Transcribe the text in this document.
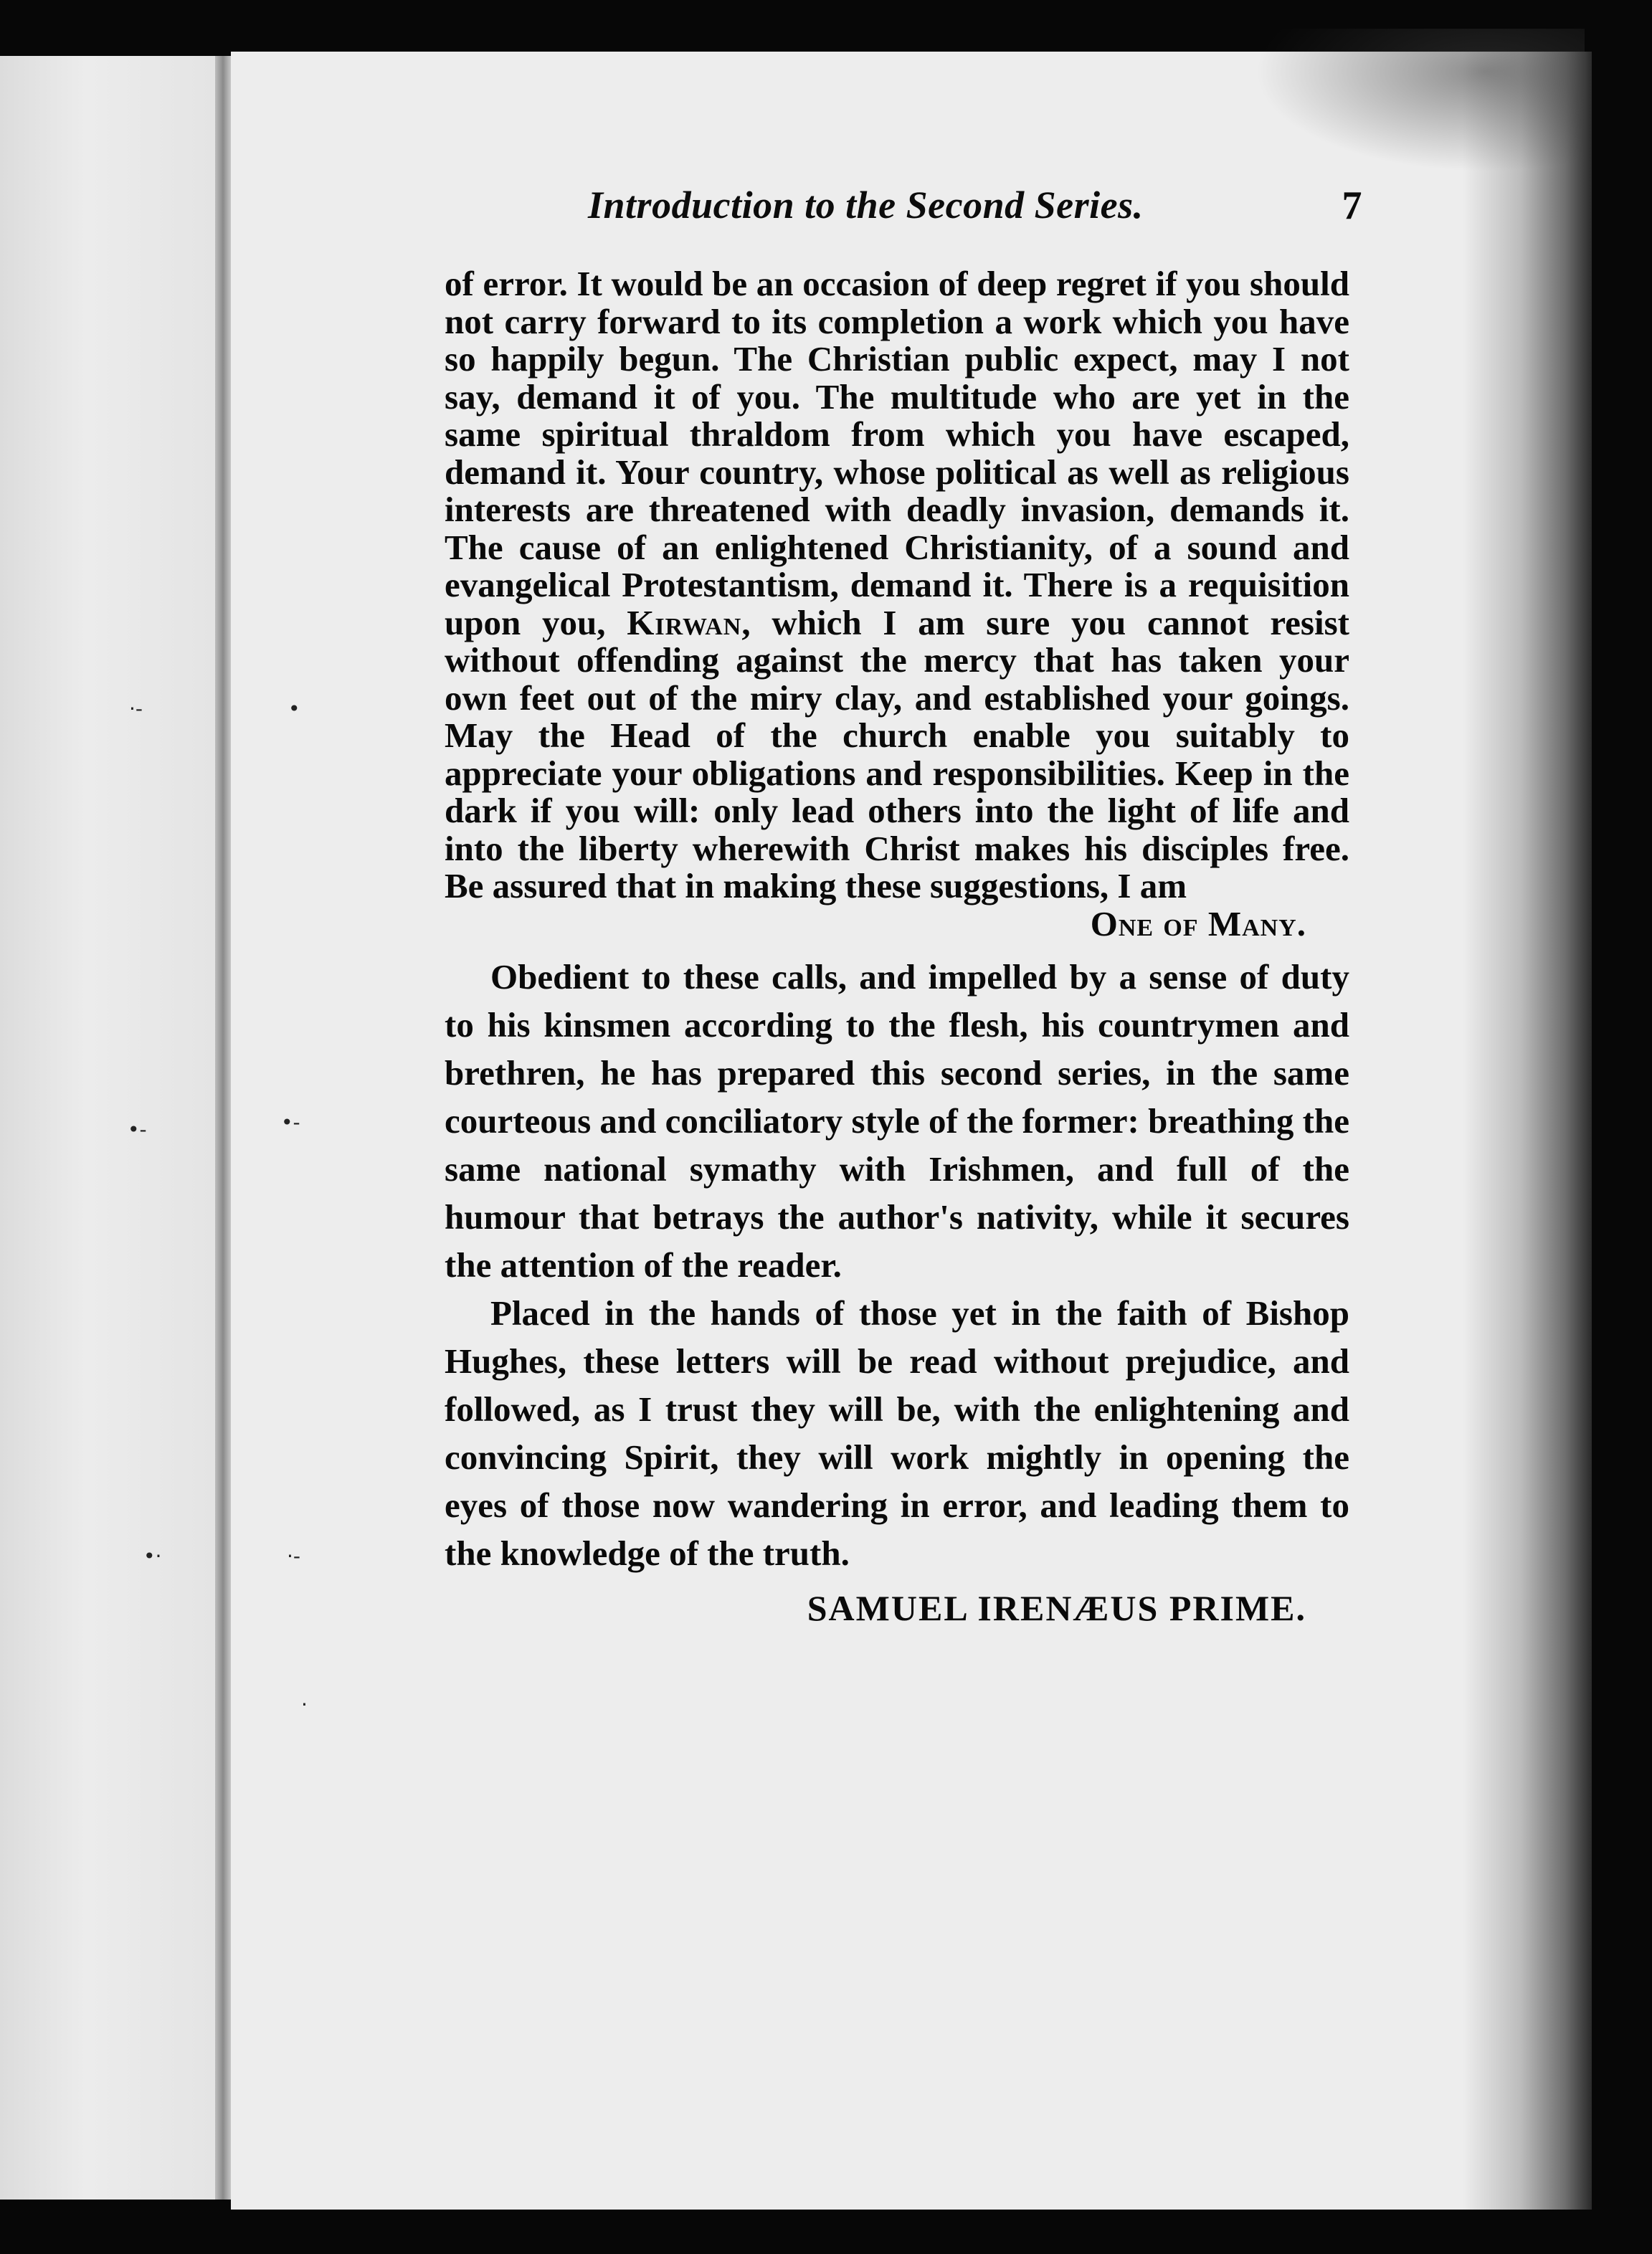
·-	•
•-	•-
•·	·‑
·
Introduction to the Second Series.	7

of error. It would be an occasion of deep regret if you should not carry forward to its completion a work which you have so happily begun. The Christian public expect, may I not say, demand it of you. The multitude who are yet in the same spiritual thraldom from which you have escaped, demand it. Your country, whose political as well as religious interests are threatened with deadly invasion, demands it. The cause of an enlightened Christianity, of a sound and evangelical Protestantism, demand it. There is a requisition upon you, Kirwan, which I am sure you cannot resist without offending against the mercy that has taken your own feet out of the miry clay, and established your goings. May the Head of the church enable you suitably to appreciate your obligations and responsibilities. Keep in the dark if you will: only lead others into the light of life and into the liberty wherewith Christ makes his disciples free. Be assured that in making these suggestions, I am

One of Many.

Obedient to these calls, and impelled by a sense of duty to his kinsmen according to the flesh, his countrymen and brethren, he has prepared this second series, in the same courteous and conciliatory style of the former: breathing the same national symathy with Irishmen, and full of the humour that betrays the author's nativity, while it secures the attention of the reader.

Placed in the hands of those yet in the faith of Bishop Hughes, these letters will be read without prejudice, and followed, as I trust they will be, with the enlightening and convincing Spirit, they will work mightly in opening the eyes of those now wandering in error, and leading them to the knowledge of the truth.

SAMUEL IRENÆUS PRIME.
